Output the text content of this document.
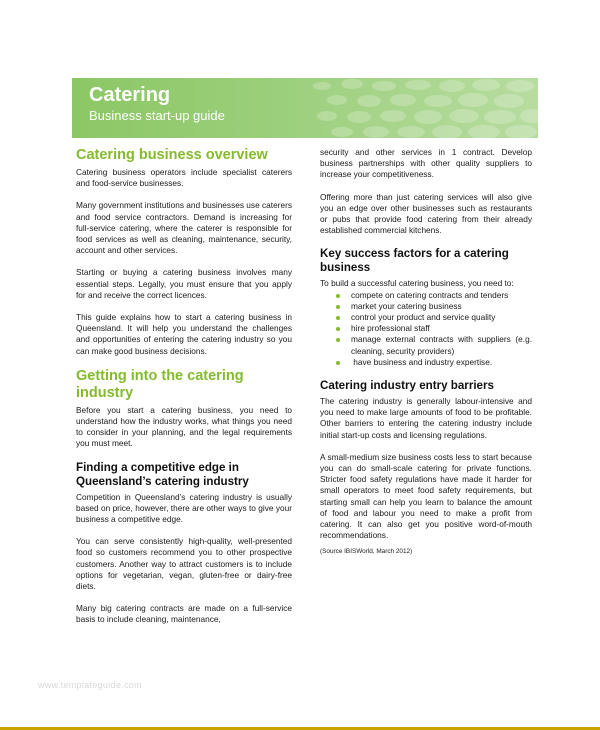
Catering
Business start-up guide
Catering business overview

Catering business operators include specialist caterers and food-service businesses.

Many government institutions and businesses use caterers and food service contractors. Demand is increasing for full-service catering, where the caterer is responsible for food services as well as cleaning, maintenance, security, account and other services.

Starting or buying a catering business involves many essential steps. Legally, you must ensure that you apply for and receive the correct licences.

This guide explains how to start a catering business in Queensland. It will help you understand the challenges and opportunities of entering the catering industry so you can make good business decisions.

Getting into the catering industry

Before you start a catering business, you need to understand how the industry works, what things you need to consider in your planning, and the legal requirements you must meet.

Finding a competitive edge in Queensland’s catering industry

Competition in Queensland’s catering industry is usually based on price, however, there are other ways to give your business a competitive edge.

You can serve consistently high-quality, well-presented food so customers recommend you to other prospective customers. Another way to attract customers is to include options for vegetarian, vegan, gluten-free or dairy-free diets.

Many big catering contracts are made on a full-service basis to include cleaning, maintenance,

security and other services in 1 contract. Develop business partnerships with other quality suppliers to increase your competitiveness.

Offering more than just catering services will also give you an edge over other businesses such as restaurants or pubs that provide food catering from their already established commercial kitchens.

Key success factors for a catering business
To build a successful catering business, you need to:
compete on catering contracts and tenders
market your catering business
control your product and service quality
hire professional staff
manage external contracts with suppliers (e.g. cleaning, security providers)
have business and industry expertise.
Catering industry entry barriers

The catering industry is generally labour-intensive and you need to make large amounts of food to be profitable. Other barriers to entering the catering industry include initial start-up costs and licensing regulations.

A small-medium size business costs less to start because you can do small-scale catering for private functions. Stricter food safety regulations have made it harder for small operators to meet food safety requirements, but starting small can help you learn to balance the amount of food and labour you need to make a profit from catering. It can also get you positive word-of-mouth recommendations.

(Source IBISWorld, March 2012)
www.templateguide.com
